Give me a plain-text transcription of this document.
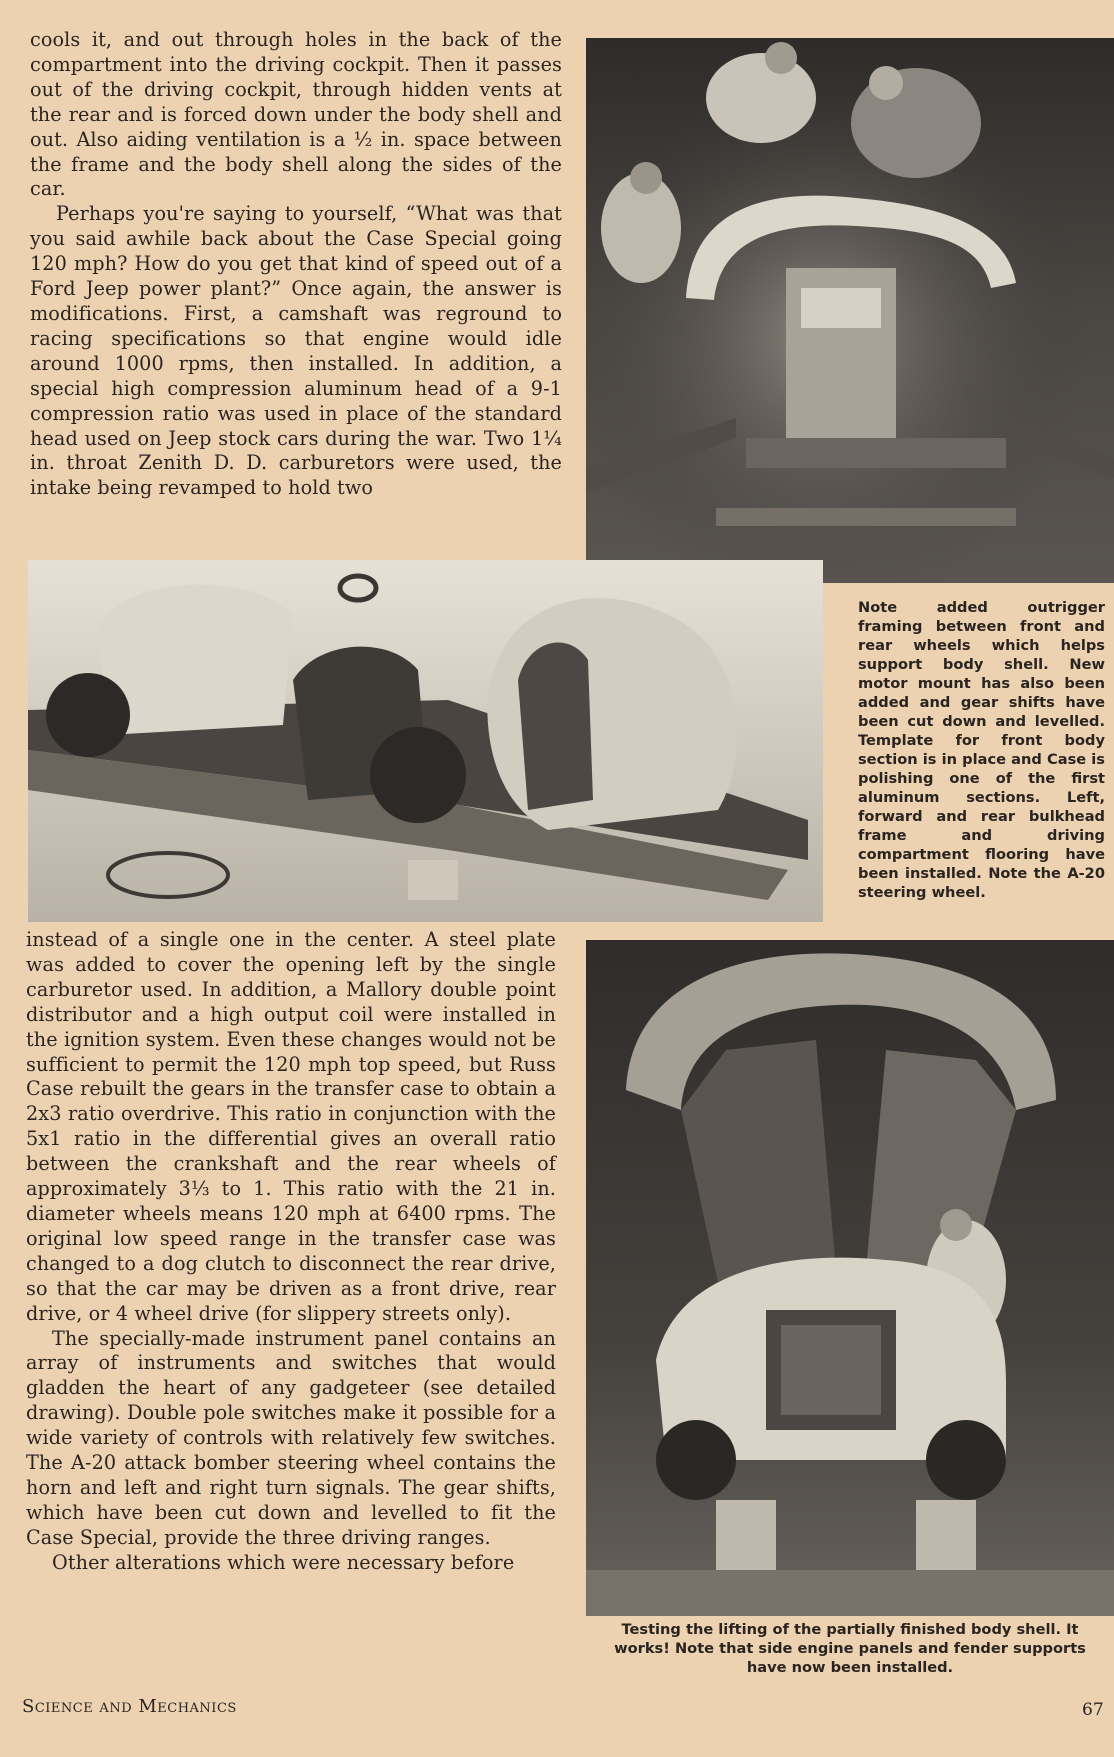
cools it, and out through holes in the back of the compartment into the driving cockpit. Then it passes out of the driving cockpit, through hidden vents at the rear and is forced down under the body shell and out. Also aiding ventilation is a ½ in. space between the frame and the body shell along the sides of the car.

Perhaps you're saying to yourself, “What was that you said awhile back about the Case Special going 120 mph? How do you get that kind of speed out of a Ford Jeep power plant?” Once again, the answer is modifications. First, a camshaft was reground to racing specifications so that engine would idle around 1000 rpms, then installed. In addition, a special high compression aluminum head of a 9-1 compression ratio was used in place of the standard head used on Jeep stock cars during the war. Two 1¼ in. throat Zenith D. D. carburetors were used, the intake being revamped to hold two

Note added outrigger framing between front and rear wheels which helps support body shell. New motor mount has also been added and gear shifts have been cut down and levelled. Template for front body section is in place and Case is polishing one of the first aluminum sections. Left, forward and rear bulkhead frame and driving compartment flooring have been installed. Note the A-20 steering wheel.

instead of a single one in the center. A steel plate was added to cover the opening left by the single carburetor used. In addition, a Mallory double point distributor and a high output coil were installed in the ignition system. Even these changes would not be sufficient to permit the 120 mph top speed, but Russ Case rebuilt the gears in the transfer case to obtain a 2x3 ratio overdrive. This ratio in conjunction with the 5x1 ratio in the differential gives an overall ratio between the crankshaft and the rear wheels of approximately 3⅓ to 1. This ratio with the 21 in. diameter wheels means 120 mph at 6400 rpms. The original low speed range in the transfer case was changed to a dog clutch to disconnect the rear drive, so that the car may be driven as a front drive, rear drive, or 4 wheel drive (for slippery streets only).

The specially-made instrument panel contains an array of instruments and switches that would gladden the heart of any gadgeteer (see detailed drawing). Double pole switches make it possible for a wide variety of controls with relatively few switches. The A-20 attack bomber steering wheel contains the horn and left and right turn signals. The gear shifts, which have been cut down and levelled to fit the Case Special, provide the three driving ranges.

Other alterations which were necessary before

Testing the lifting of the partially finished body shell. It works! Note that side engine panels and fender supports have now been installed.
Science and Mechanics	67
